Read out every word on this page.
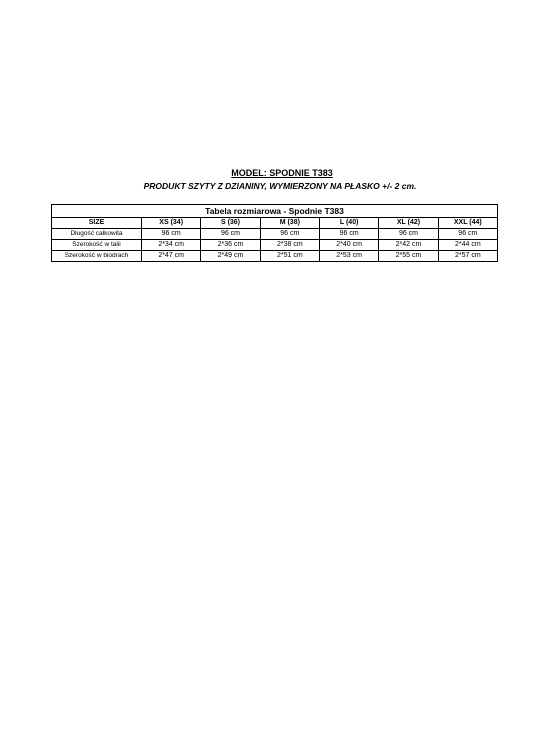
MODEL: SPODNIE T383
PRODUKT SZYTY Z DZIANINY, WYMIERZONY NA PŁASKO +/- 2 cm.
Tabela rozmiarowa - Spodnie T383						
SIZE	XS (34)	S (36)	M (38)	L (40)	XL (42)	XXL (44)
Długość całkowita	96 cm	96 cm	96 cm	96 cm	96 cm	96 cm
Szerokość w talii	2*34 cm	2*36 cm	2*38 cm	2*40 cm	2*42 cm	2*44 cm
Szerokość w biodrach	2*47 cm	2*49 cm	2*51 cm	2*53 cm	2*55 cm	2*57 cm
